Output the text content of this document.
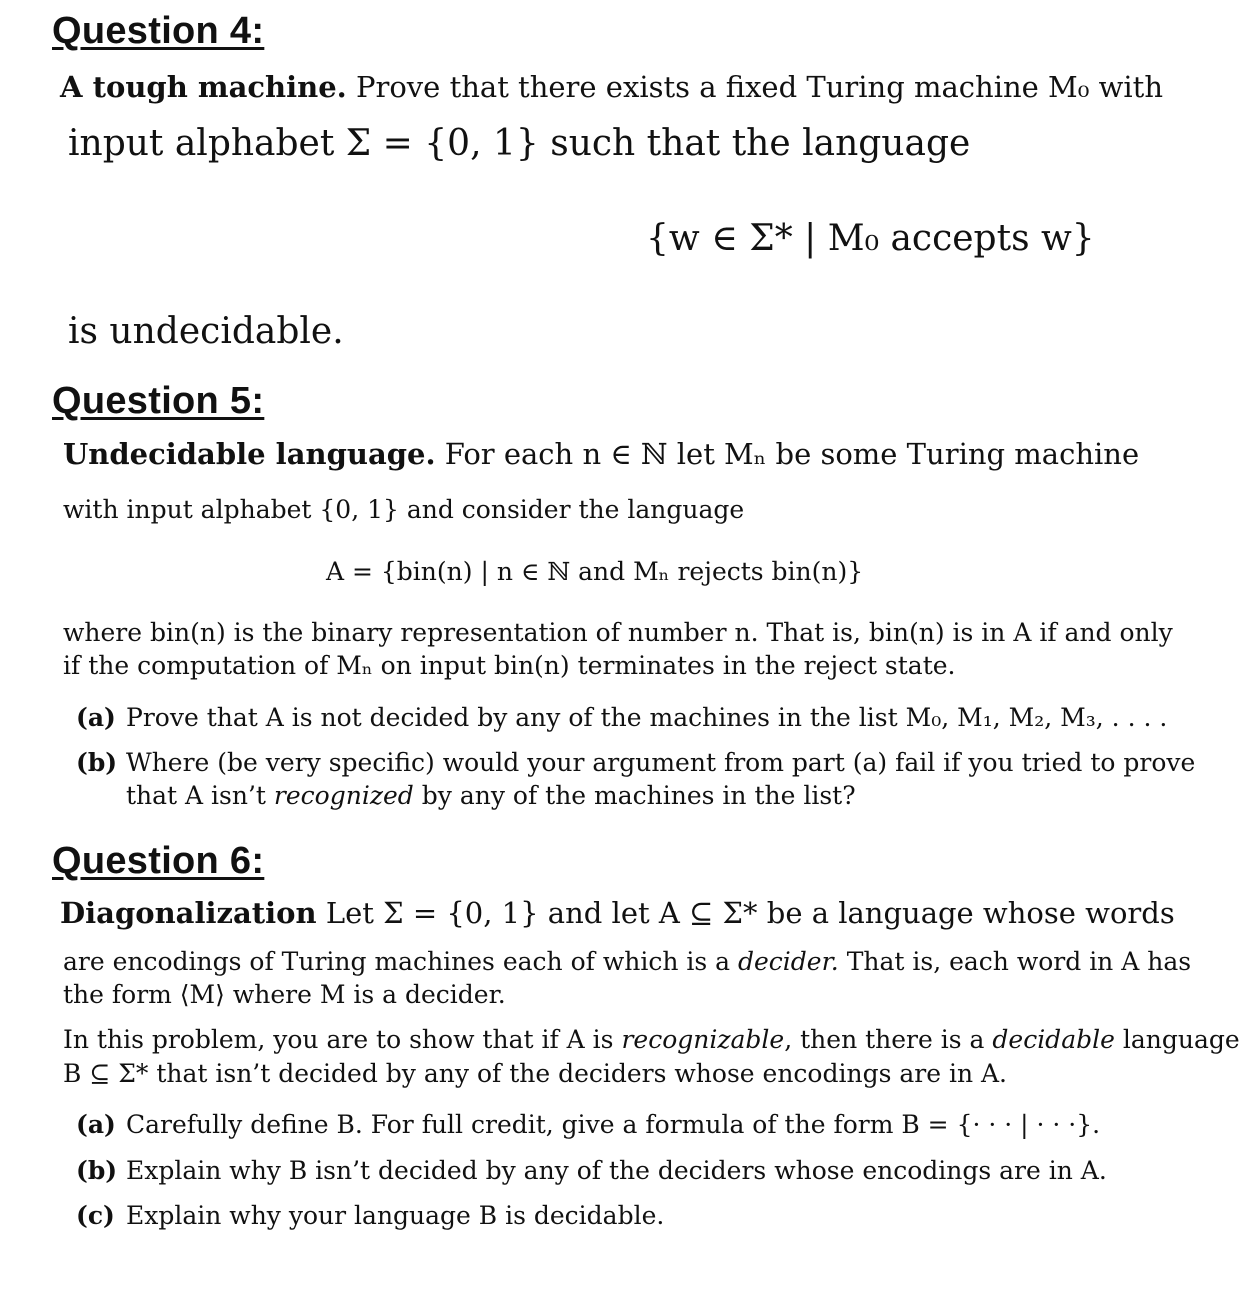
Question 4:

A tough machine. Prove that there exists a fixed Turing machine M₀ with

input alphabet Σ = {0, 1} such that the language

{w ∈ Σ* | M₀ accepts w}

is undecidable.

Question 5:

Undecidable language. For each n ∈ ℕ let Mₙ be some Turing machine

with input alphabet {0, 1} and consider the language

A = {bin(n) | n ∈ ℕ and Mₙ rejects bin(n)}

where bin(n) is the binary representation of number n. That is, bin(n) is in A if and only

if the computation of Mₙ on input bin(n) terminates in the reject state.

(a) Prove that A is not decided by any of the machines in the list M₀, M₁, M₂, M₃, . . . .

(b) Where (be very specific) would your argument from part (a) fail if you tried to prove

that A isn’t recognized by any of the machines in the list?

Question 6:

Diagonalization Let Σ = {0, 1} and let A ⊆ Σ* be a language whose words

are encodings of Turing machines each of which is a decider. That is, each word in A has

the form ⟨M⟩ where M is a decider.

In this problem, you are to show that if A is recognizable, then there is a decidable language

B ⊆ Σ* that isn’t decided by any of the deciders whose encodings are in A.

(a) Carefully define B. For full credit, give a formula of the form B = {· · · | · · ·}.

(b) Explain why B isn’t decided by any of the deciders whose encodings are in A.

(c) Explain why your language B is decidable.
